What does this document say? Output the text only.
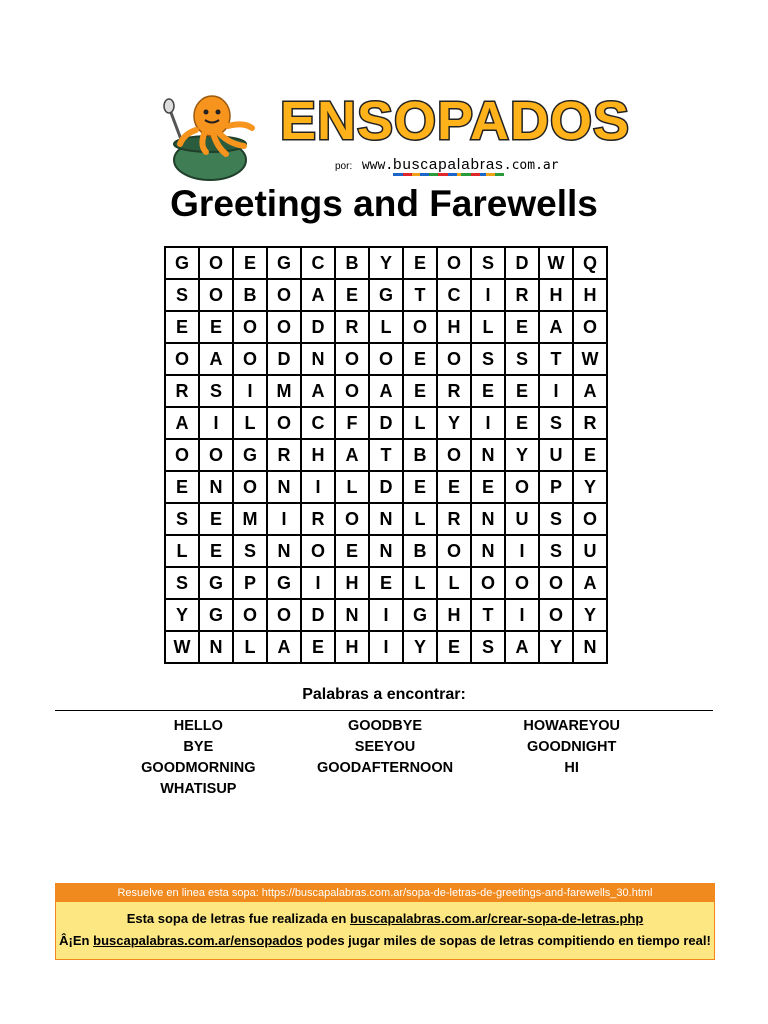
ENSOPADOS
por: www.buscapalabras.com.ar
Greetings and Farewells
G	O	E	G	C	B	Y	E	O	S	D	W	Q
S	O	B	O	A	E	G	T	C	I	R	H	H
E	E	O	O	D	R	L	O	H	L	E	A	O
O	A	O	D	N	O	O	E	O	S	S	T	W
R	S	I	M	A	O	A	E	R	E	E	I	A
A	I	L	O	C	F	D	L	Y	I	E	S	R
O	O	G	R	H	A	T	B	O	N	Y	U	E
E	N	O	N	I	L	D	E	E	E	O	P	Y
S	E	M	I	R	O	N	L	R	N	U	S	O
L	E	S	N	O	E	N	B	O	N	I	S	U
S	G	P	G	I	H	E	L	L	O	O	O	A
Y	G	O	O	D	N	I	G	H	T	I	O	Y
W	N	L	A	E	H	I	Y	E	S	A	Y	N
Palabras a encontrar:
HELLO
BYE
GOODMORNING
WHATISUP
GOODBYE
SEEYOU
GOODAFTERNOON
HOWAREYOU
GOODNIGHT
HI
Resuelve en linea esta sopa: https://buscapalabras.com.ar/sopa-de-letras-de-greetings-and-farewells_30.html
Esta sopa de letras fue realizada en buscapalabras.com.ar/crear-sopa-de-letras.php
Â¡En buscapalabras.com.ar/ensopados podes jugar miles de sopas de letras compitiendo en tiempo real!
